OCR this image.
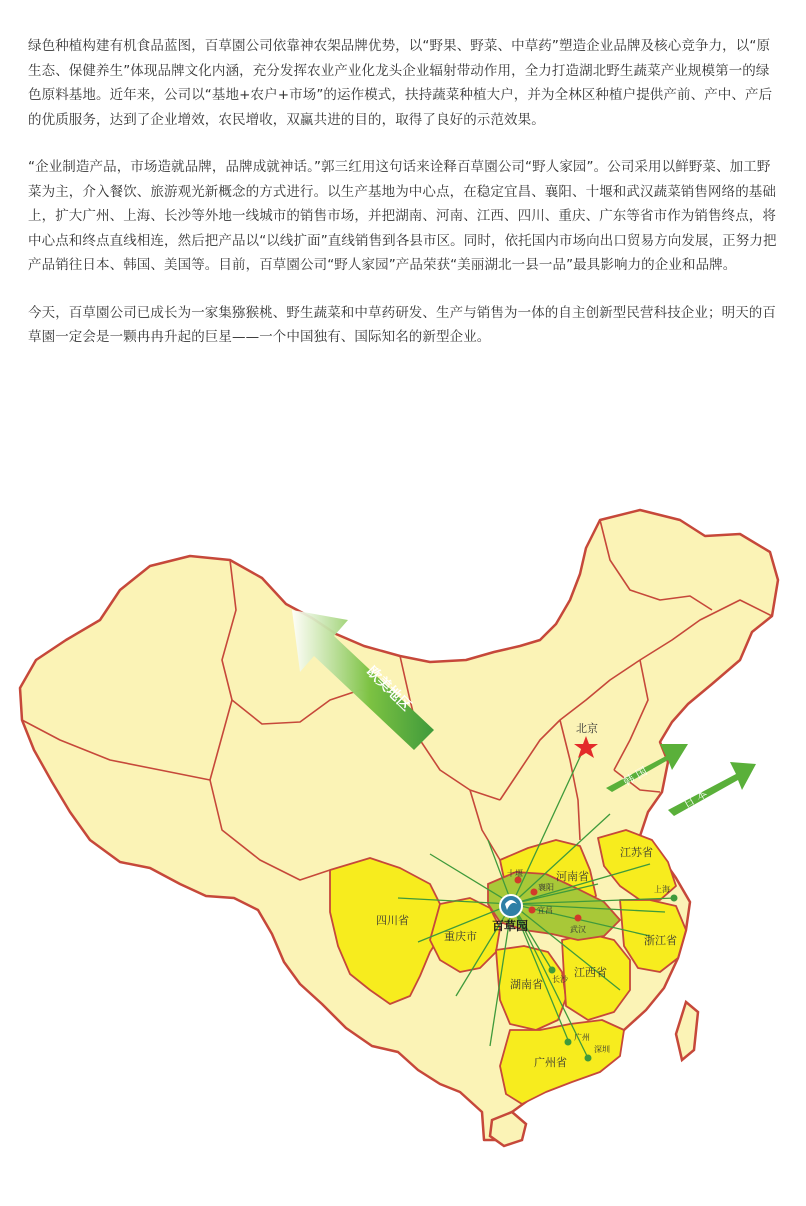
绿色种植构建有机食品蓝图，百草園公司依靠神农架品牌优势，以“野果、野菜、中草药”塑造企业品牌及核心竞争力，以“原生态、保健养生”体现品牌文化内涵，充分发挥农业产业化龙头企业辐射带动作用，全力打造湖北野生蔬菜产业规模第一的绿色原料基地。近年来，公司以“基地+农户+市场”的运作模式，扶持蔬菜种植大户，并为全林区种植户提供产前、产中、产后的优质服务，达到了企业增效，农民增收，双赢共进的目的，取得了良好的示范效果。

“企业制造产品，市场造就品牌，品牌成就神话。”郭三红用这句话来诠释百草園公司“野人家园”。公司采用以鲜野菜、加工野菜为主，介入餐饮、旅游观光新概念的方式进行。以生产基地为中心点，在稳定宜昌、襄阳、十堰和武汉蔬菜销售网络的基础上，扩大广州、上海、长沙等外地一线城市的销售市场，并把湖南、河南、江西、四川、重庆、广东等省市作为销售终点，将中心点和终点直线相连，然后把产品以“以线扩面”直线销售到各县市区。同时，依托国内市场向出口贸易方向发展，正努力把产品销往日本、韩国、美国等。目前，百草園公司“野人家园”产品荣获“美丽湖北一县一品”最具影响力的企业和品牌。

今天，百草園公司已成长为一家集猕猴桃、野生蔬菜和中草药研发、生产与销售为一体的自主创新型民营科技企业；明天的百草園一定会是一颗冉冉升起的巨星——一个中国独有、国际知名的新型企业。

欧美地区
韩 国
日 本
北京
十堰
襄阳
宜昌
武汉
上海
长沙
广州
深圳
四川省
重庆市
河南省
江苏省
浙江省
湖南省
江西省
广州省
百草园
